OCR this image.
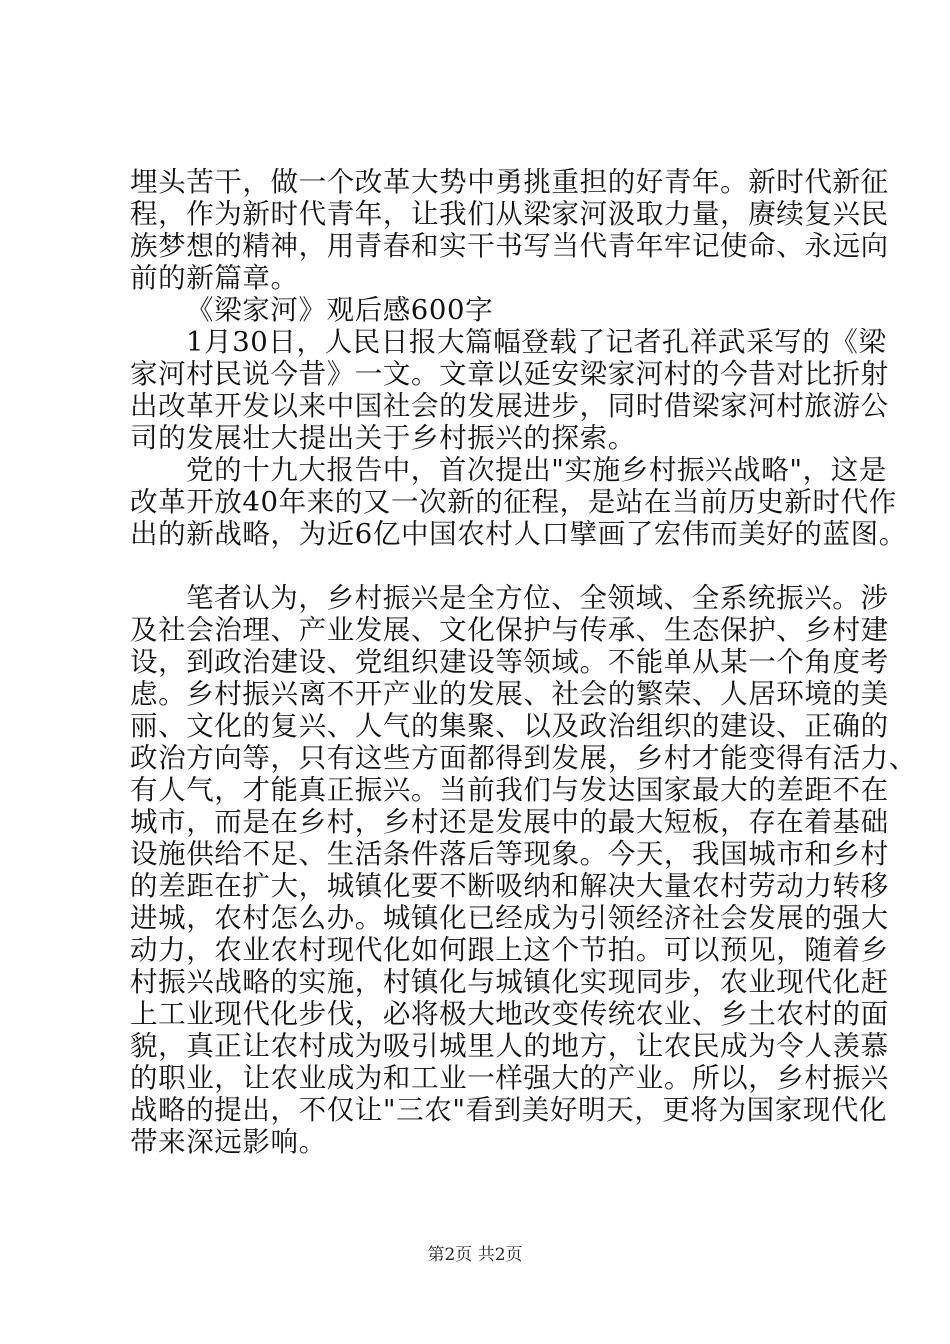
埋头苦干，做一个改革大势中勇挑重担的好青年。新时代新征
程，作为新时代青年，让我们从梁家河汲取力量，赓续复兴民
族梦想的精神，用青春和实干书写当代青年牢记使命、永远向
前的新篇章。
《梁家河》观后感600字
1月30日，人民日报大篇幅登载了记者孔祥武采写的《梁
家河村民说今昔》一文。文章以延安梁家河村的今昔对比折射
出改革开发以来中国社会的发展进步，同时借梁家河村旅游公
司的发展壮大提出关于乡村振兴的探索。
党的十九大报告中，首次提出"实施乡村振兴战略"，这是
改革开放40年来的又一次新的征程，是站在当前历史新时代作
出的新战略，为近6亿中国农村人口擘画了宏伟而美好的蓝图。
笔者认为，乡村振兴是全方位、全领域、全系统振兴。涉
及社会治理、产业发展、文化保护与传承、生态保护、乡村建
设，到政治建设、党组织建设等领域。不能单从某一个角度考
虑。乡村振兴离不开产业的发展、社会的繁荣、人居环境的美
丽、文化的复兴、人气的集聚、以及政治组织的建设、正确的
政治方向等，只有这些方面都得到发展，乡村才能变得有活力、
有人气，才能真正振兴。当前我们与发达国家最大的差距不在
城市，而是在乡村，乡村还是发展中的最大短板，存在着基础
设施供给不足、生活条件落后等现象。今天，我国城市和乡村
的差距在扩大，城镇化要不断吸纳和解决大量农村劳动力转移
进城，农村怎么办。城镇化已经成为引领经济社会发展的强大
动力，农业农村现代化如何跟上这个节拍。可以预见，随着乡
村振兴战略的实施，村镇化与城镇化实现同步，农业现代化赶
上工业现代化步伐，必将极大地改变传统农业、乡土农村的面
貌，真正让农村成为吸引城里人的地方，让农民成为令人羡慕
的职业，让农业成为和工业一样强大的产业。所以，乡村振兴
战略的提出，不仅让"三农"看到美好明天，更将为国家现代化
带来深远影响。
第2页 共2页
